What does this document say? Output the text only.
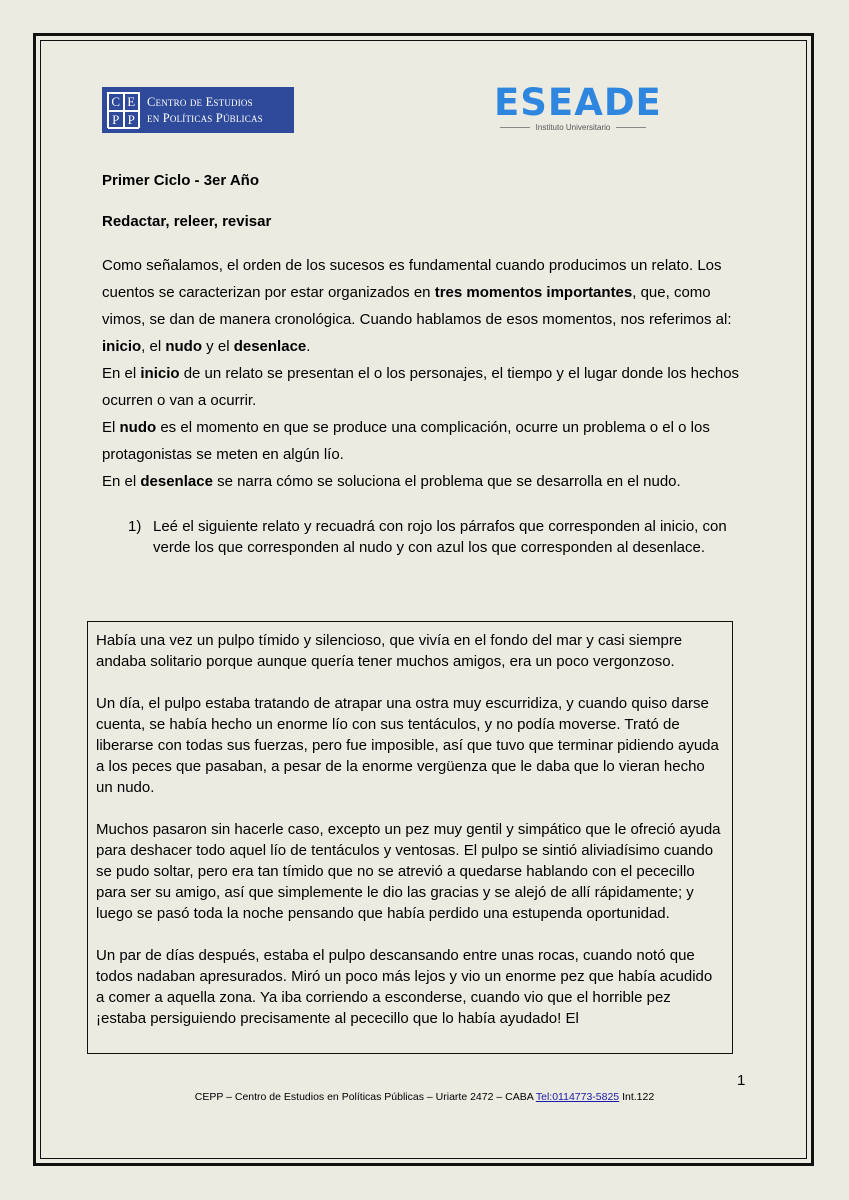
C E
P P
Centro de Estudios
en Políticas Públicas	ESEADE
Instituto Universitario
Primer Ciclo - 3er Año
Redactar, releer, revisar

Como señalamos, el orden de los sucesos es fundamental cuando producimos un relato. Los cuentos se caracterizan por estar organizados en tres momentos importantes, que, como vimos, se dan de manera cronológica. Cuando hablamos de esos momentos, nos referimos al: inicio, el nudo y el desenlace.

En el inicio de un relato se presentan el o los personajes, el tiempo y el lugar donde los hechos ocurren o van a ocurrir.

El nudo es el momento en que se produce una complicación, ocurre un problema o el o los protagonistas se meten en algún lío.

En el desenlace se narra cómo se soluciona el problema que se desarrolla en el nudo.

1) Leé el siguiente relato y recuadrá con rojo los párrafos que corresponden al inicio, con verde los que corresponden al nudo y con azul los que corresponden al desenlace.

Había una vez un pulpo tímido y silencioso, que vivía en el fondo del mar y casi siempre andaba solitario porque aunque quería tener muchos amigos, era un poco vergonzoso.

Un día, el pulpo estaba tratando de atrapar una ostra muy escurridiza, y cuando quiso darse cuenta, se había hecho un enorme lío con sus tentáculos, y no podía moverse. Trató de liberarse con todas sus fuerzas, pero fue imposible, así que tuvo que terminar pidiendo ayuda a los peces que pasaban, a pesar de la enorme vergüenza que le daba que lo vieran hecho un nudo.

Muchos pasaron sin hacerle caso, excepto un pez muy gentil y simpático que le ofreció ayuda para deshacer todo aquel lío de tentáculos y ventosas. El pulpo se sintió aliviadísimo cuando se pudo soltar, pero era tan tímido que no se atrevió a quedarse hablando con el pececillo para ser su amigo, así que simplemente le dio las gracias y se alejó de allí rápidamente; y luego se pasó toda la noche pensando que había perdido una estupenda oportunidad.

Un par de días después, estaba el pulpo descansando entre unas rocas, cuando notó que todos nadaban apresurados. Miró un poco más lejos y vio un enorme pez que había acudido a comer a aquella zona. Ya iba corriendo a esconderse, cuando vio que el horrible pez ¡estaba persiguiendo precisamente al pececillo que lo había ayudado! El

1
CEPP – Centro de Estudios en Políticas Públicas – Uriarte 2472 – CABA Tel:0114773-5825 Int.122
